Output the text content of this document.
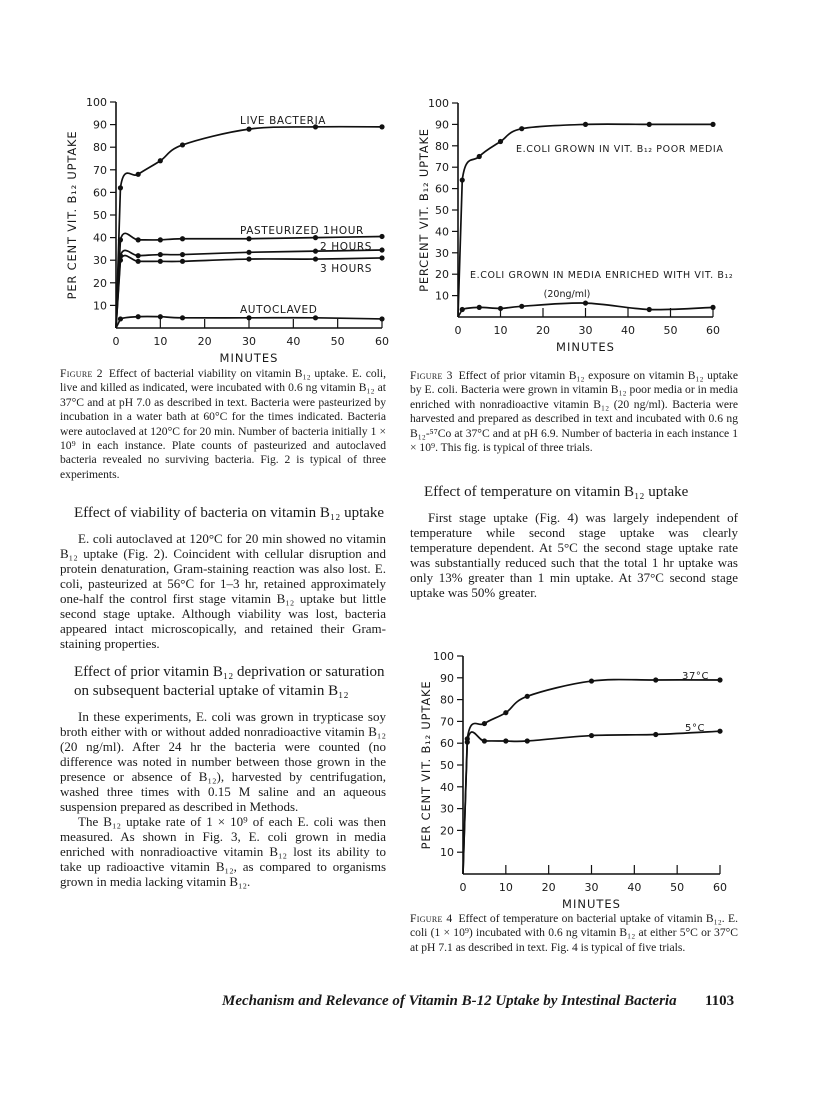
10
20
30
40
50
60
70
80
90
100
0	10	20	30	40	50	60
MINUTES
PER CENT VIT. B₁₂ UPTAKE
LIVE BACTERIA
PASTEURIZED 1HOUR
2 HOURS
3 HOURS
AUTOCLAVED
10
20
30
40
50
60
70
80
90
100
0	10	20	30	40	50	60
MINUTES
PERCENT VIT. B₁₂ UPTAKE	E.COLI GROWN IN VIT. B₁₂ POOR MEDIA
E.COLI GROWN IN MEDIA ENRICHED WITH VIT. B₁₂
(20ng/ml)
10
20
30
40
50
60
70
80
90
100
0	10	20	30	40	50	60
MINUTES
PER CENT VIT. B₁₂ UPTAKE
37°C
5°C
Figure 2 Effect of bacterial viability on vitamin B₁₂ uptake. E. coli, live and killed as indicated, were incubated with 0.6 ng vitamin B₁₂ at 37°C and at pH 7.0 as described in text. Bacteria were pasteurized by incubation in a water bath at 60°C for the times indicated. Bacteria were autoclaved at 120°C for 20 min. Number of bacteria initially 1 × 10⁹ in each instance. Plate counts of pasteurized and autoclaved bacteria revealed no surviving bacteria. Fig. 2 is typical of three experiments.
Figure 3 Effect of prior vitamin B₁₂ exposure on vitamin B₁₂ uptake by E. coli. Bacteria were grown in vitamin B₁₂ poor media or in media enriched with nonradioactive vitamin B₁₂ (20 ng/ml). Bacteria were harvested and prepared as described in text and incubated with 0.6 ng B₁₂-⁵⁷Co at 37°C and at pH 6.9. Number of bacteria in each instance 1 × 10⁹. This fig. is typical of three trials.
Figure 4 Effect of temperature on bacterial uptake of vitamin B₁₂. E. coli (1 × 10⁹) incubated with 0.6 ng vitamin B₁₂ at either 5°C or 37°C at pH 7.1 as described in text. Fig. 4 is typical of five trials.
Effect of viability of bacteria on vitamin B₁₂ uptake
E. coli autoclaved at 120°C for 20 min showed no vitamin B₁₂ uptake (Fig. 2). Coincident with cellular disruption and protein denaturation, Gram-staining reaction was also lost. E. coli, pasteurized at 56°C for 1–3 hr, retained approximately one-half the control first stage vitamin B₁₂ uptake but little second stage uptake. Although viability was lost, bacteria appeared intact microscopically, and retained their Gram-staining properties.
Effect of prior vitamin B₁₂ deprivation or saturation on subsequent bacterial uptake of vitamin B₁₂
In these experiments, E. coli was grown in trypticase soy broth either with or without added nonradioactive vitamin B₁₂ (20 ng/ml). After 24 hr the bacteria were counted (no difference was noted in number between those grown in the presence or absence of B₁₂), harvested by centrifugation, washed three times with 0.15 M saline and an aqueous suspension prepared as described in Methods.
The B₁₂ uptake rate of 1 × 10⁹ of each E. coli was then measured. As shown in Fig. 3, E. coli grown in media enriched with nonradioactive vitamin B₁₂ lost its ability to take up radioactive vitamin B₁₂, as compared to organisms grown in media lacking vitamin B₁₂.
Effect of temperature on vitamin B₁₂ uptake
First stage uptake (Fig. 4) was largely independent of temperature while second stage uptake was clearly temperature dependent. At 5°C the second stage uptake rate was substantially reduced such that the total 1 hr uptake was only 13% greater than 1 min uptake. At 37°C second stage uptake was 50% greater.
Mechanism and Relevance of Vitamin B-12 Uptake by Intestinal Bacteria 1103
